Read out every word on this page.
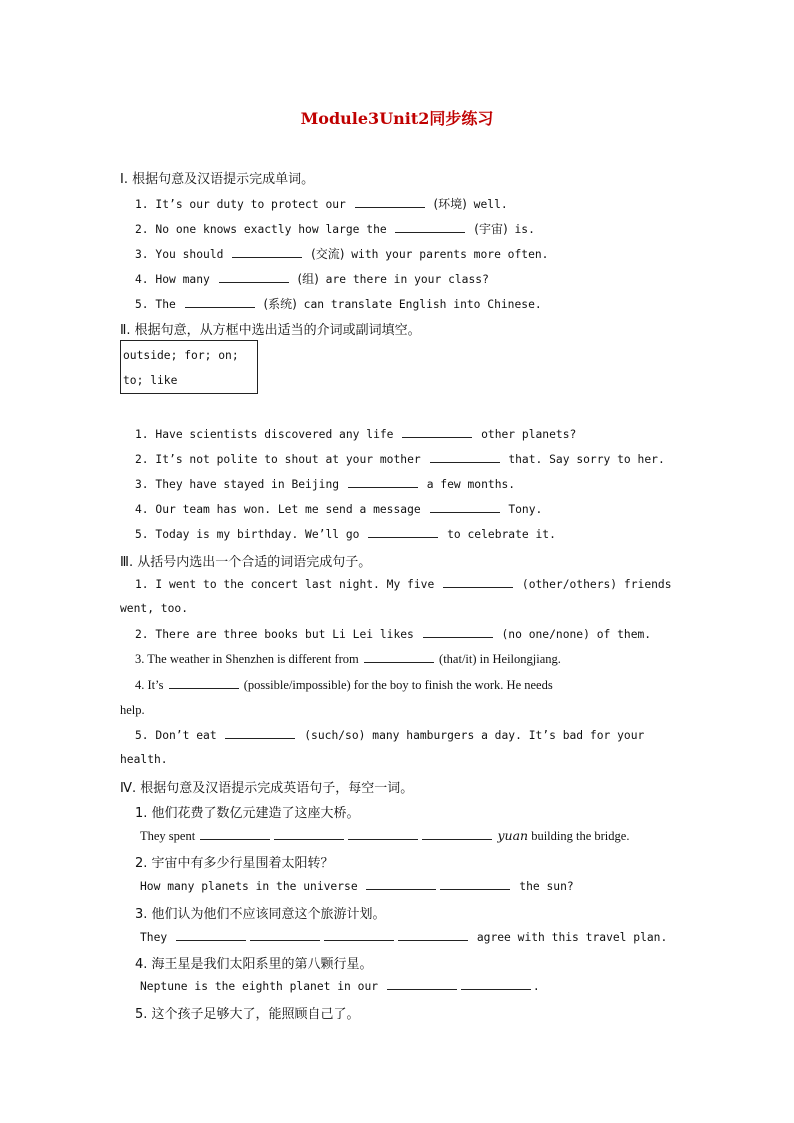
Module3Unit2同步练习
Ⅰ. 根据句意及汉语提示完成单词。
1. It’s our duty to protect our	(环境) well.
2. No one knows exactly how large the	(宇宙) is.
3. You should	(交流) with your parents more often.
4. How many	(组) are there in your class?
5. The	(系统) can translate English into Chinese.
Ⅱ. 根据句意，从方框中选出适当的介词或副词填空。
outside; for; on;
to; like
1. Have scientists discovered any life	other planets?
2. It’s not polite to shout at your mother	that. Say sorry to her.
3. They have stayed in Beijing	a few months.
4. Our team has won. Let me send a message	Tony.
5. Today is my birthday. We’ll go	to celebrate it.
Ⅲ. 从括号内选出一个合适的词语完成句子。
1. I went to the concert last night. My five	(other/others) friends
went, too.
2. There are three books but Li Lei likes	(no one/none) of them.
3. The weather in Shenzhen is different from	(that/it) in Heilongjiang.
4. It’s	(possible/impossible) for the boy to finish the work. He needs
help.
5. Don’t eat	(such/so) many hamburgers a day. It’s bad for your
health.
Ⅳ. 根据句意及汉语提示完成英语句子，每空一词。
1. 他们花费了数亿元建造了这座大桥。
They spent	yuan building the bridge.
2. 宇宙中有多少行星围着太阳转？
How many planets in the universe	the sun?
3. 他们认为他们不应该同意这个旅游计划。
They	agree with this travel plan.
4. 海王星是我们太阳系里的第八颗行星。
Neptune is the eighth planet in our	.
5. 这个孩子足够大了，能照顾自己了。
